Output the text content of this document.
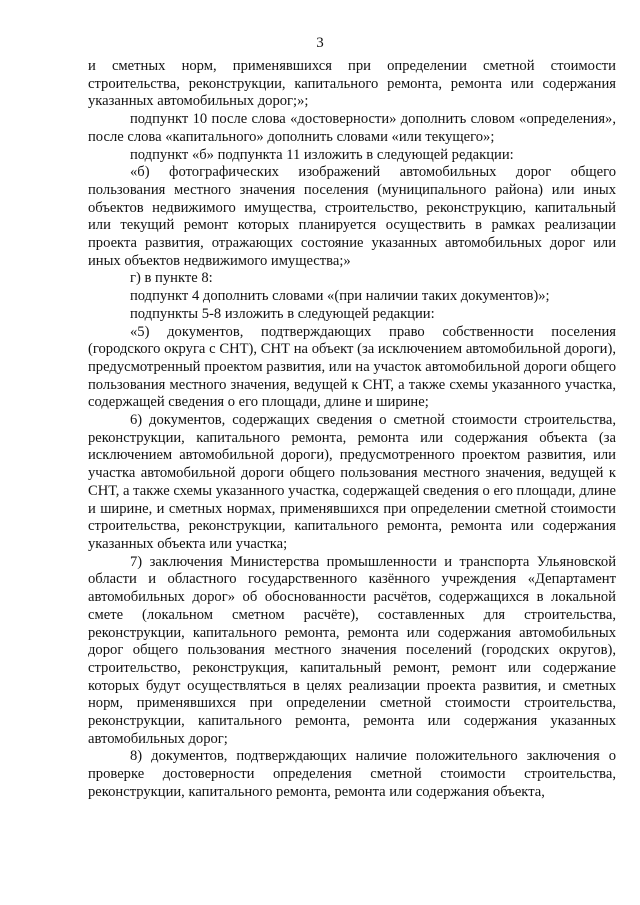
3

и сметных норм, применявшихся при определении сметной стоимости строительства, реконструкции, капитального ремонта, ремонта или содержания указанных автомобильных дорог;»;

подпункт 10 после слова «достоверности» дополнить словом «определения», после слова «капитального» дополнить словами «или текущего»;

подпункт «б» подпункта 11 изложить в следующей редакции:

«б) фотографических изображений автомобильных дорог общего пользования местного значения поселения (муниципального района) или иных объектов недвижимого имущества, строительство, реконструкцию, капитальный или текущий ремонт которых планируется осуществить в рамках реализации проекта развития, отражающих состояние указанных автомобильных дорог или иных объектов недвижимого имущества;»

г) в пункте 8:

подпункт 4 дополнить словами «(при наличии таких документов)»;

подпункты 5-8 изложить в следующей редакции:

«5) документов, подтверждающих право собственности поселения (городского округа с СНТ), СНТ на объект (за исключением автомобильной дороги), предусмотренный проектом развития, или на участок автомобильной дороги общего пользования местного значения, ведущей к СНТ, а также схемы указанного участка, содержащей сведения о его площади, длине и ширине;

6) документов, содержащих сведения о сметной стоимости строительства, реконструкции, капитального ремонта, ремонта или содержания объекта (за исключением автомобильной дороги), предусмотренного проектом развития, или участка автомобильной дороги общего пользования местного значения, ведущей к СНТ, а также схемы указанного участка, содержащей сведения о его площади, длине и ширине, и сметных нормах, применявшихся при определении сметной стоимости строительства, реконструкции, капитального ремонта, ремонта или содержания указанных объекта или участка;

7) заключения Министерства промышленности и транспорта Ульяновской области и областного государственного казённого учреждения «Департамент автомобильных дорог» об обоснованности расчётов, содержащихся в локальной смете (локальном сметном расчёте), составленных для строительства, реконструкции, капитального ремонта, ремонта или содержания автомобильных дорог общего пользования местного значения поселений (городских округов), строительство, реконструкция, капитальный ремонт, ремонт или содержание которых будут осуществляться в целях реализации проекта развития, и сметных норм, применявшихся при определении сметной стоимости строительства, реконструкции, капитального ремонта, ремонта или содержания указанных автомобильных дорог;

8) документов, подтверждающих наличие положительного заключения о проверке достоверности определения сметной стоимости строительства, реконструкции, капитального ремонта, ремонта или содержания объекта,
